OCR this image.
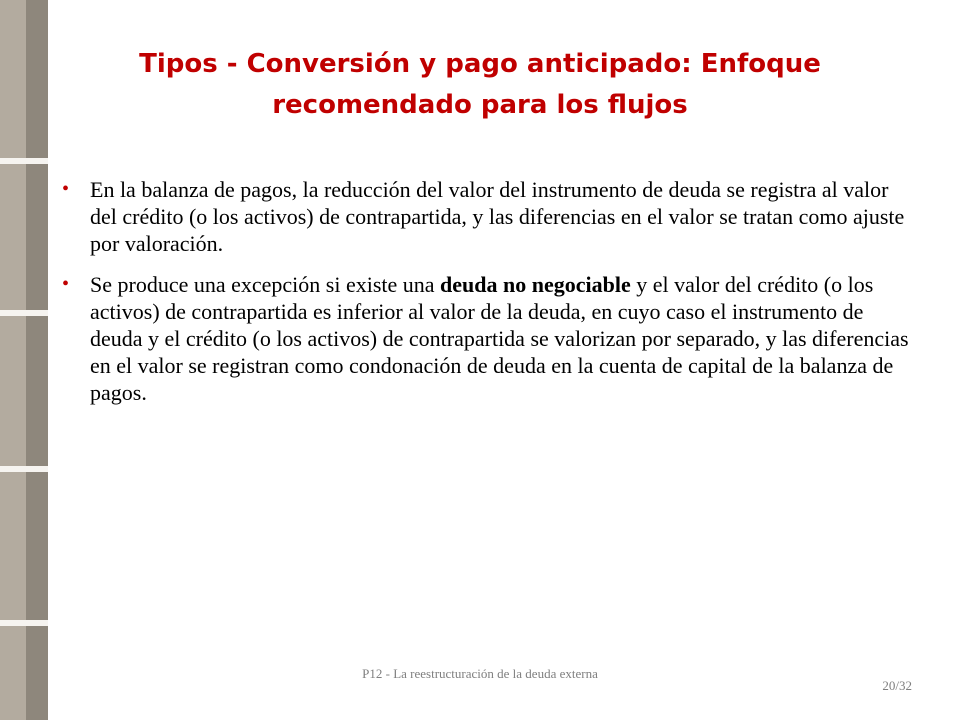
Tipos - Conversión y pago anticipado: Enfoque recomendado para los flujos
• En la balanza de pagos, la reducción del valor del instrumento de deuda se registra al valor del crédito (o los activos) de contrapartida, y las diferencias en el valor se tratan como ajuste por valoración.
• Se produce una excepción si existe una deuda no negociable y el valor del crédito (o los activos) de contrapartida es inferior al valor de la deuda, en cuyo caso el instrumento de deuda y el crédito (o los activos) de contrapartida se valorizan por separado, y las diferencias en el valor se registran como condonación de deuda en la cuenta de capital de la balanza de pagos.
P12 - La reestructuración de la deuda externa
20/32
